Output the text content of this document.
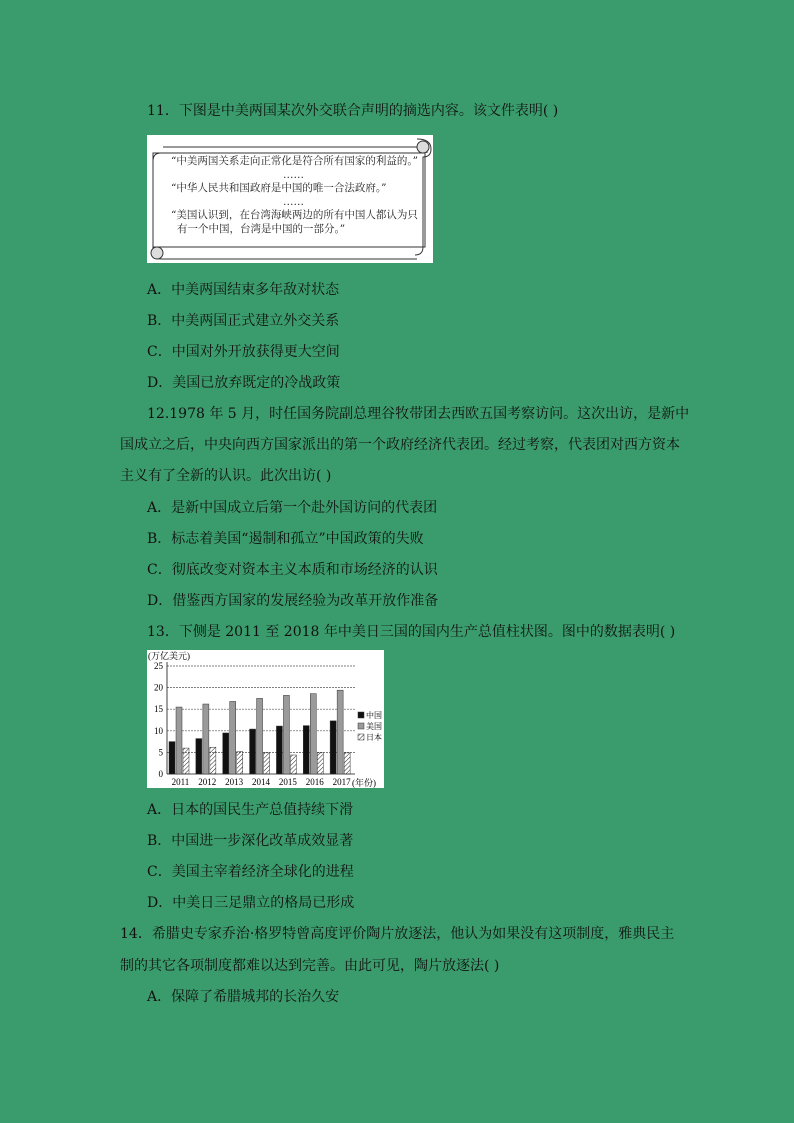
11．下图是中美两国某次外交联合声明的摘选内容。该文件表明( )
“中美两国关系走向正常化是符合所有国家的利益的。”
……
“中华人民共和国政府是中国的唯一合法政府。”
……
“美国认识到，在台湾海峡两边的所有中国人都认为只
有一个中国，台湾是中国的一部分。”
A．中美两国结束多年敌对状态
B．中美两国正式建立外交关系
C．中国对外开放获得更大空间
D．美国已放弃既定的冷战政策
12.1978 年 5 月，时任国务院副总理谷牧带团去西欧五国考察访问。这次出访，是新中
国成立之后，中央向西方国家派出的第一个政府经济代表团。经过考察，代表团对西方资本
主义有了全新的认识。此次出访( )
A．是新中国成立后第一个赴外国访问的代表团
B．标志着美国“遏制和孤立”中国政策的失败
C．彻底改变对资本主义本质和市场经济的认识
D．借鉴西方国家的发展经验为改革开放作准备
13．下侧是 2011 至 2018 年中美日三国的国内生产总值柱状图。图中的数据表明( )
(万亿美元)
0
5
10
15
20
25
2011 2012 2013 2014 2015 2016 2017
中国
美国
日本
(年份)
A．日本的国民生产总值持续下滑
B．中国进一步深化改革成效显著
C．美国主宰着经济全球化的进程
D．中美日三足鼎立的格局已形成
14．希腊史专家乔治·格罗特曾高度评价陶片放逐法，他认为如果没有这项制度，雅典民主
制的其它各项制度都难以达到完善。由此可见，陶片放逐法( )
A．保障了希腊城邦的长治久安
